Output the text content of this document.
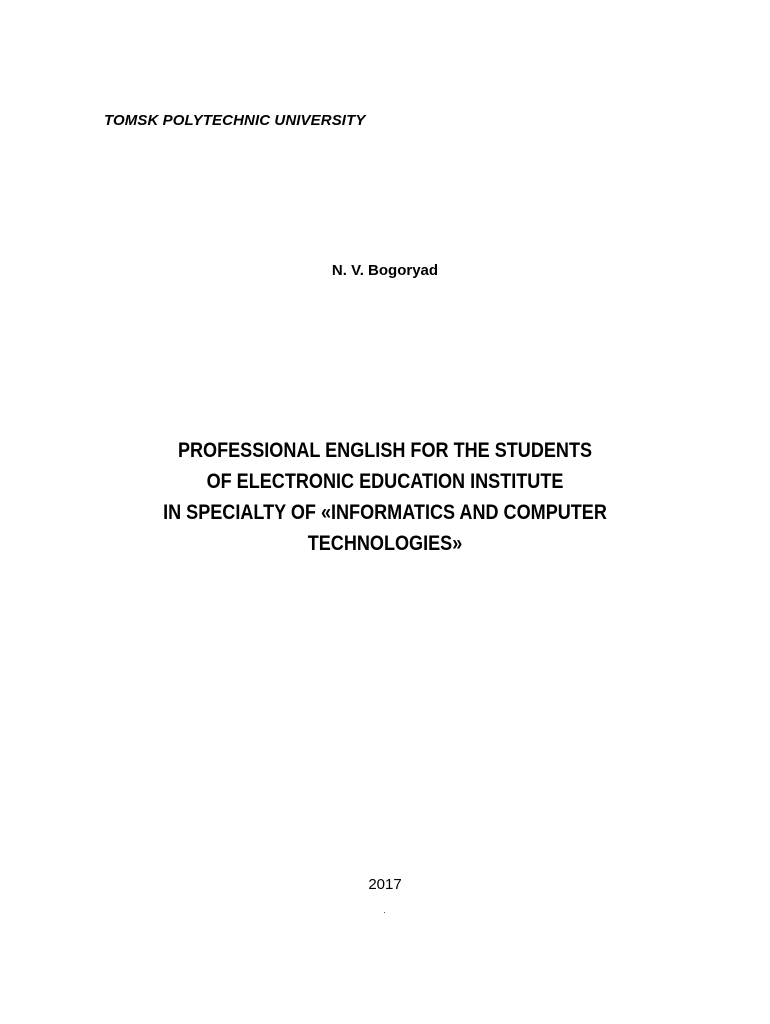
TOMSK POLYTECHNIC UNIVERSITY
N. V. Bogoryad
PROFESSIONAL ENGLISH FOR THE STUDENTS
OF ELECTRONIC EDUCATION INSTITUTE
IN SPECIALTY OF «INFORMATICS AND COMPUTER
TECHNOLOGIES»
2017
